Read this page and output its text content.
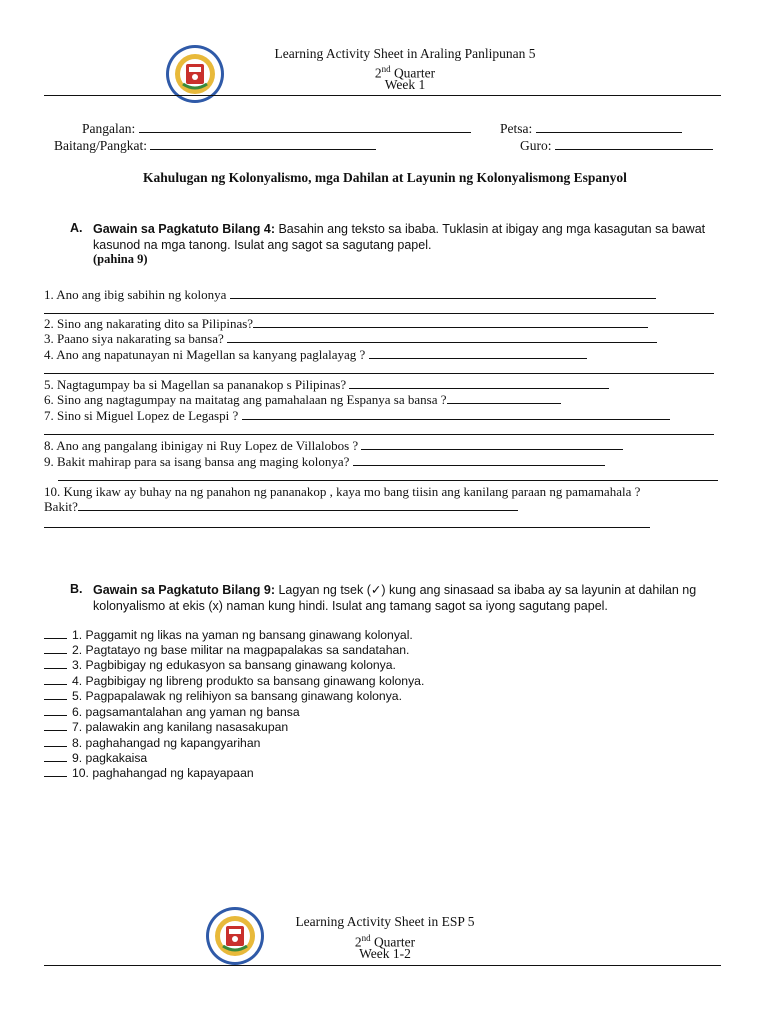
Learning Activity Sheet in Araling Panlipunan 5
2nd Quarter
Week 1
Pangalan:	Petsa:
Baitang/Pangkat:	Guro:
Kahulugan ng Kolonyalismo, mga Dahilan at Layunin ng Kolonyalismong Espanyol
A. Gawain sa Pagkatuto Bilang 4: Basahin ang teksto sa ibaba. Tuklasin at ibigay ang mga kasagutan sa bawat kasunod na mga tanong. Isulat ang sagot sa sagutang papel.
(pahina 9)
1. Ano ang ibig sabihin ng kolonya
2. Sino ang nakarating dito sa Pilipinas?
3. Paano siya nakarating sa bansa?
4. Ano ang napatunayan ni Magellan sa kanyang paglalayag ?
5. Nagtagumpay ba si Magellan sa pananakop s Pilipinas?
6. Sino ang nagtagumpay na maitatag ang pamahalaan ng Espanya sa bansa ?
7. Sino si Miguel Lopez de Legaspi ?
8. Ano ang pangalang ibinigay ni Ruy Lopez de Villalobos ?
9. Bakit mahirap para sa isang bansa ang maging kolonya?
10. Kung ikaw ay buhay na ng panahon ng pananakop , kaya mo bang tiisin ang kanilang paraan ng pamamahala ?
Bakit?
B. Gawain sa Pagkatuto Bilang 9: Lagyan ng tsek (✓) kung ang sinasaad sa ibaba ay sa layunin at dahilan ng kolonyalismo at ekis (x) naman kung hindi. Isulat ang tamang sagot sa iyong sagutang papel.
1. Paggamit ng likas na yaman ng bansang ginawang kolonyal.
2. Pagtatayo ng base militar na magpapalakas sa sandatahan.
3. Pagbibigay ng edukasyon sa bansang ginawang kolonya.
4. Pagbibigay ng libreng produkto sa bansang ginawang kolonya.
5. Pagpapalawak ng relihiyon sa bansang ginawang kolonya.
6. pagsamantalahan ang yaman ng bansa
7. palawakin ang kanilang nasasakupan
8. paghahangad ng kapangyarihan
9. pagkakaisa
10. paghahangad ng kapayapaan
Learning Activity Sheet in ESP 5
2nd Quarter
Week 1-2
